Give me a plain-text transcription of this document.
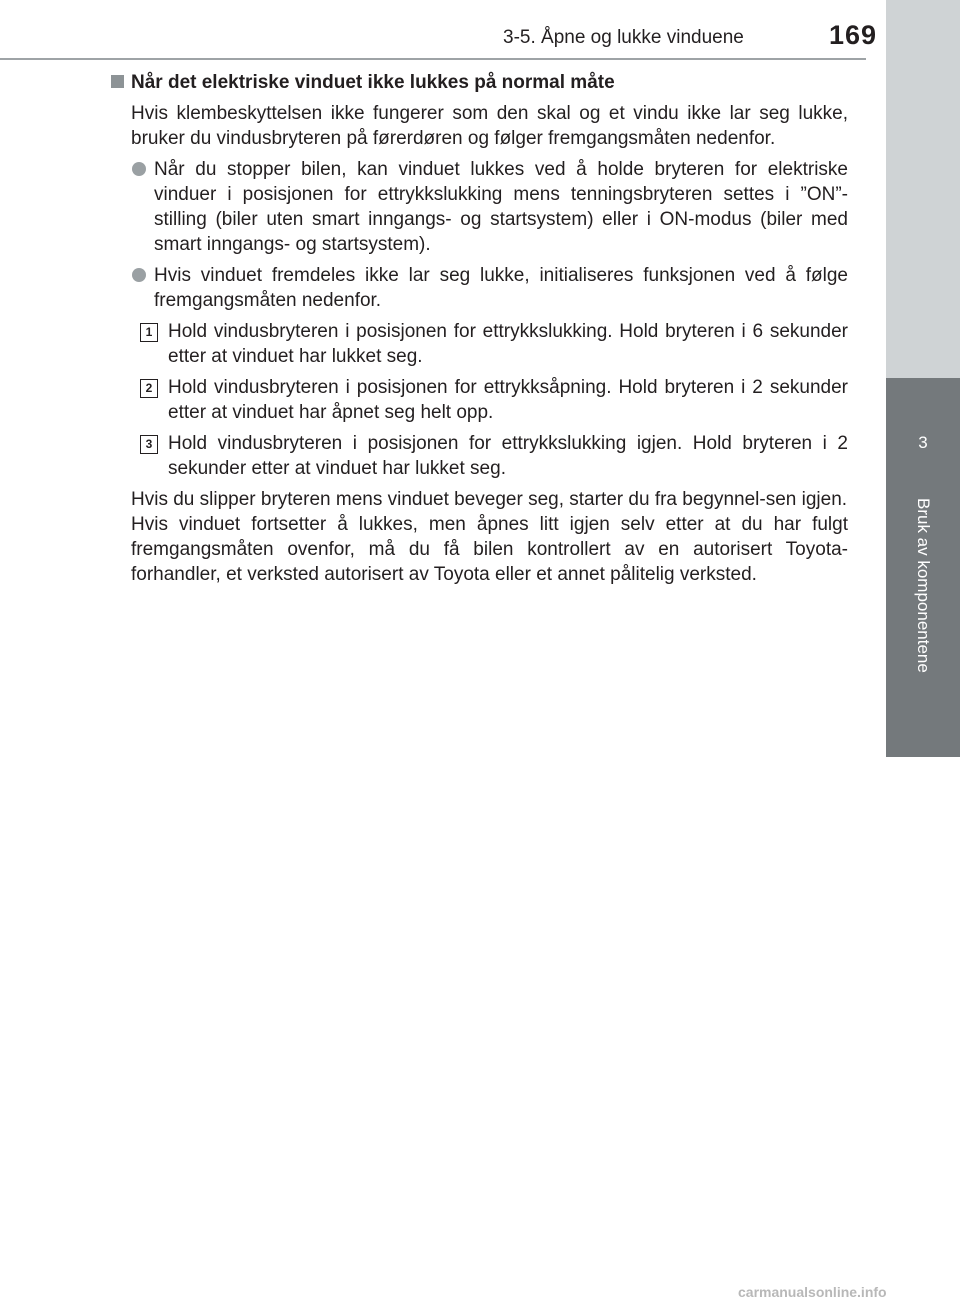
3-5. Åpne og lukke vinduene	169
3
Bruk av komponentene
Når det elektriske vinduet ikke lukkes på normal måte
Hvis klembeskyttelsen ikke fungerer som den skal og et vindu ikke lar seg lukke, bruker du vindusbryteren på førerdøren og følger fremgangsmåten nedenfor.
Når du stopper bilen, kan vinduet lukkes ved å holde bryteren for elektriske vinduer i posisjonen for ettrykkslukking mens tenningsbryteren settes i ”ON”-stilling (biler uten smart inngangs- og startsystem) eller i ON-modus (biler med smart inngangs- og startsystem).
Hvis vinduet fremdeles ikke lar seg lukke, initialiseres funksjonen ved å følge fremgangsmåten nedenfor.
1 Hold vindusbryteren i posisjonen for ettrykkslukking. Hold bryteren i 6 sekunder etter at vinduet har lukket seg.
2 Hold vindusbryteren i posisjonen for ettrykksåpning. Hold bryteren i 2 sekunder etter at vinduet har åpnet seg helt opp.
3 Hold vindusbryteren i posisjonen for ettrykkslukking igjen. Hold bryteren i 2 sekunder etter at vinduet har lukket seg.

Hvis du slipper bryteren mens vinduet beveger seg, starter du fra begynnel-sen igjen.

Hvis vinduet fortsetter å lukkes, men åpnes litt igjen selv etter at du har fulgt fremgangsmåten ovenfor, må du få bilen kontrollert av en autorisert Toyota-forhandler, et verksted autorisert av Toyota eller et annet pålitelig verksted.

carmanualsonline.info
